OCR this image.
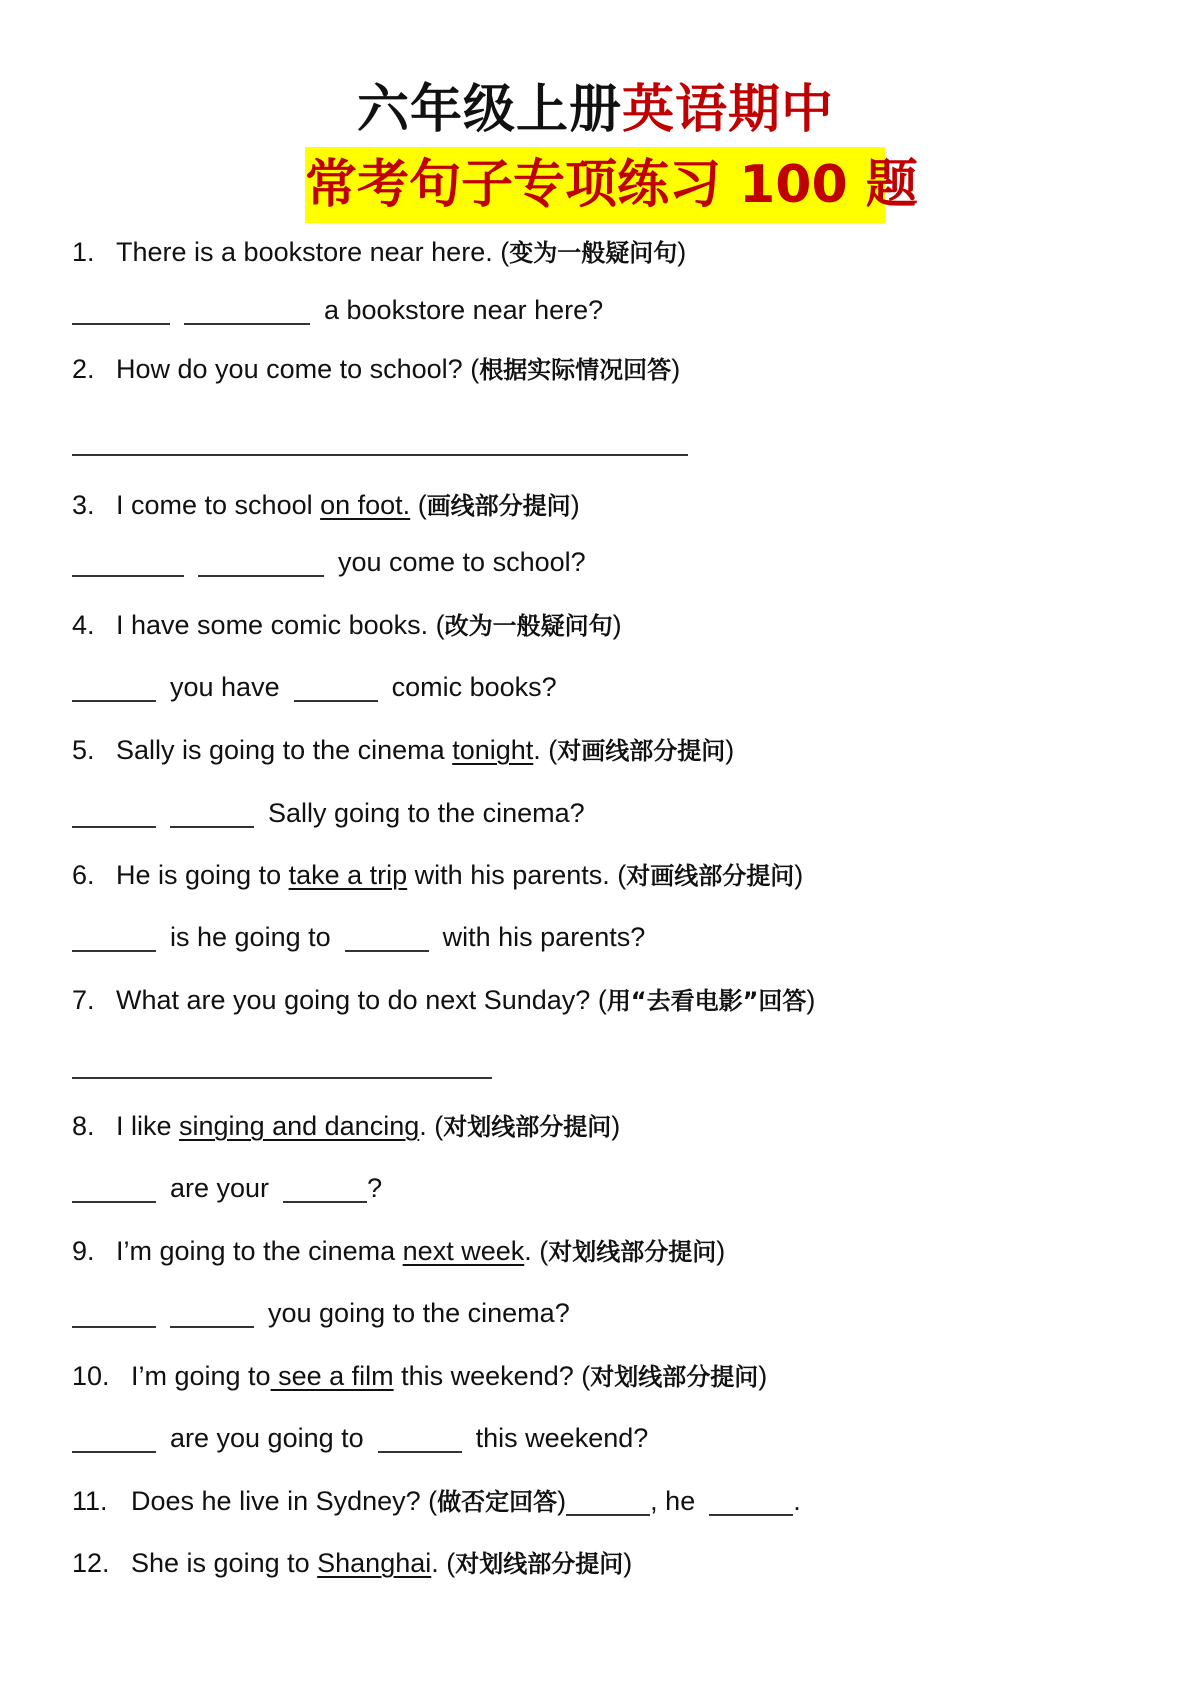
六年级上册英语期中
常考句子专项练习 100 题
1. There is a bookstore near here. (变为一般疑问句)
a bookstore near here?
2. How do you come to school? (根据实际情况回答)
3. I come to school on foot. (画线部分提问)
you come to school?
4. I have some comic books. (改为一般疑问句)
you have	comic books?
5. Sally is going to the cinema tonight. (对画线部分提问)
Sally going to the cinema?
6. He is going to take a trip with his parents. (对画线部分提问)
is he going to	with his parents?
7. What are you going to do next Sunday? (用“去看电影”回答)
8. I like singing and dancing. (对划线部分提问)
are your	?
9. I’m going to the cinema next week. (对划线部分提问)
you going to the cinema?
10. I’m going to see a film this weekend? (对划线部分提问)
are you going to	this weekend?
11. Does he live in Sydney? (做否定回答)	, he	.
12. She is going to Shanghai. (对划线部分提问)
